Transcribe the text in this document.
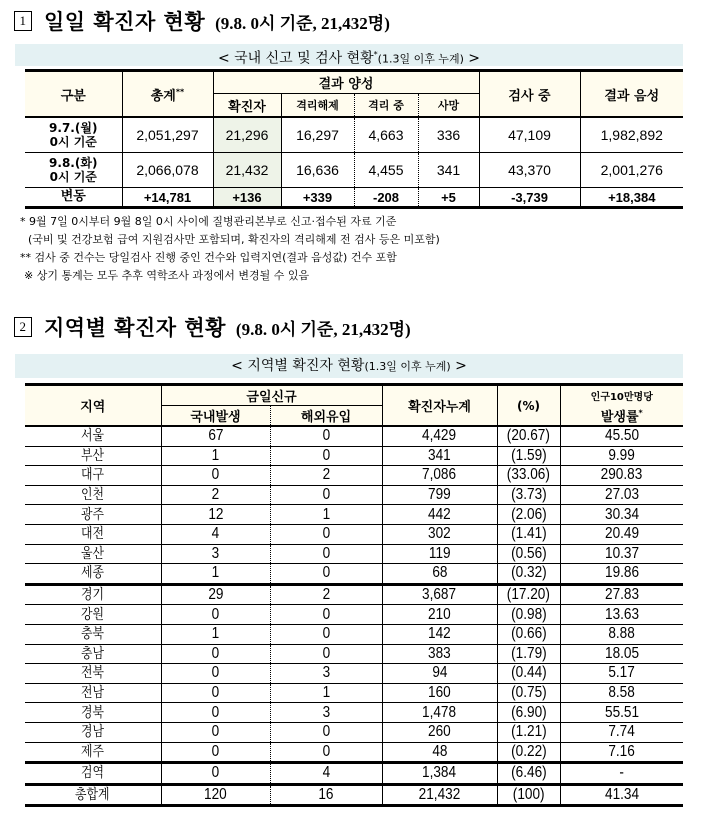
1 일일 확진자 현황 (9.8. 0시 기준, 21,432명)
< 국내 신고 및 검사 현황*(1.3일 이후 누계) >
구분	총계**	결과 양성				검사 중	결과 음성
		확진자	격리해제	격리 중	사망		
9.7.(월)
0시 기준	2,051,297	21,296	16,297	4,663	336	47,109	1,982,892
9.8.(화)
0시 기준	2,066,078	21,432	16,636	4,455	341	43,370	2,001,276
변동	+14,781	+136	+339	-208	+5	-3,739	+18,384
* 9월 7일 0시부터 9월 8일 0시 사이에 질병관리본부로 신고·접수된 자료 기준
(국비 및 건강보험 급여 지원검사만 포함되며, 확진자의 격리해제 전 검사 등은 미포함)
** 검사 중 건수는 당일검사 진행 중인 건수와 입력지연(결과 음성값) 건수 포함
※ 상기 통계는 모두 추후 역학조사 과정에서 변경될 수 있음
2 지역별 확진자 현황 (9.8. 0시 기준, 21,432명)
< 지역별 확진자 현황(1.3일 이후 누계) >
지역	금일신규		확진자누계	(%)	인구10만명당
	국내발생	해외유입			발생률*
서울	67	0	4,429	(20.67)	45.50
부산	1	0	341	(1.59)	9.99
대구	0	2	7,086	(33.06)	290.83
인천	2	0	799	(3.73)	27.03
광주	12	1	442	(2.06)	30.34
대전	4	0	302	(1.41)	20.49
울산	3	0	119	(0.56)	10.37
세종	1	0	68	(0.32)	19.86
경기	29	2	3,687	(17.20)	27.83
강원	0	0	210	(0.98)	13.63
충북	1	0	142	(0.66)	8.88
충남	0	0	383	(1.79)	18.05
전북	0	3	94	(0.44)	5.17
전남	0	1	160	(0.75)	8.58
경북	0	3	1,478	(6.90)	55.51
경남	0	0	260	(1.21)	7.74
제주	0	0	48	(0.22)	7.16
검역	0	4	1,384	(6.46)	-
총합계	120	16	21,432	(100)	41.34
